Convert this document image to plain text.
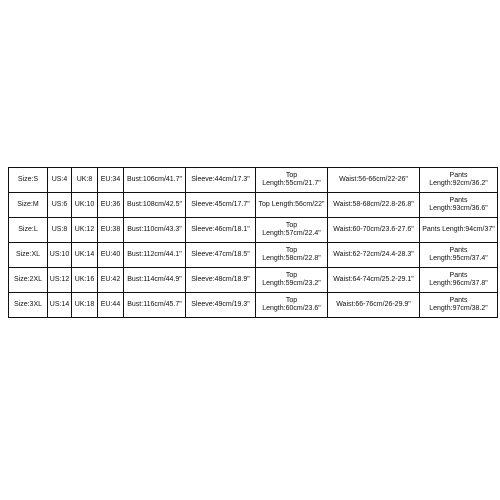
Size:S	US:4	UK:8	EU:34	Bust:106cm/41.7"	Sleeve:44cm/17.3"	Top Length:55cm/21.7"	Waist:56-66cm/22-26"	Pants Length:92cm/36.2"
Size:M	US:6	UK:10	EU:36	Bust:108cm/42.5"	Sleeve:45cm/17.7"	Top Length:56cm/22"	Waist:58-68cm/22.8-26.8"	Pants Length:93cm/36.6"
Size:L	US:8	UK:12	EU:38	Bust:110cm/43.3"	Sleeve:46cm/18.1"	Top Length:57cm/22.4"	Waist:60-70cm/23.6-27.6"	Pants Length:94cm/37"
Size:XL	US:10	UK:14	EU:40	Bust:112cm/44.1"	Sleeve:47cm/18.5"	Top Length:58cm/22.8"	Waist:62-72cm/24.4-28.3"	Pants Length:95cm/37.4"
Size:2XL	US:12	UK:16	EU:42	Bust:114cm/44.9"	Sleeve:48cm/18.9"	Top Length:59cm/23.2"	Waist:64-74cm/25.2-29.1"	Pants Length:96cm/37.8"
Size:3XL	US:14	UK:18	EU:44	Bust:116cm/45.7"	Sleeve:49cm/19.3"	Top Length:60cm/23.6"	Waist:66-76cm/26-29.9"	Pants Length:97cm/38.2"
